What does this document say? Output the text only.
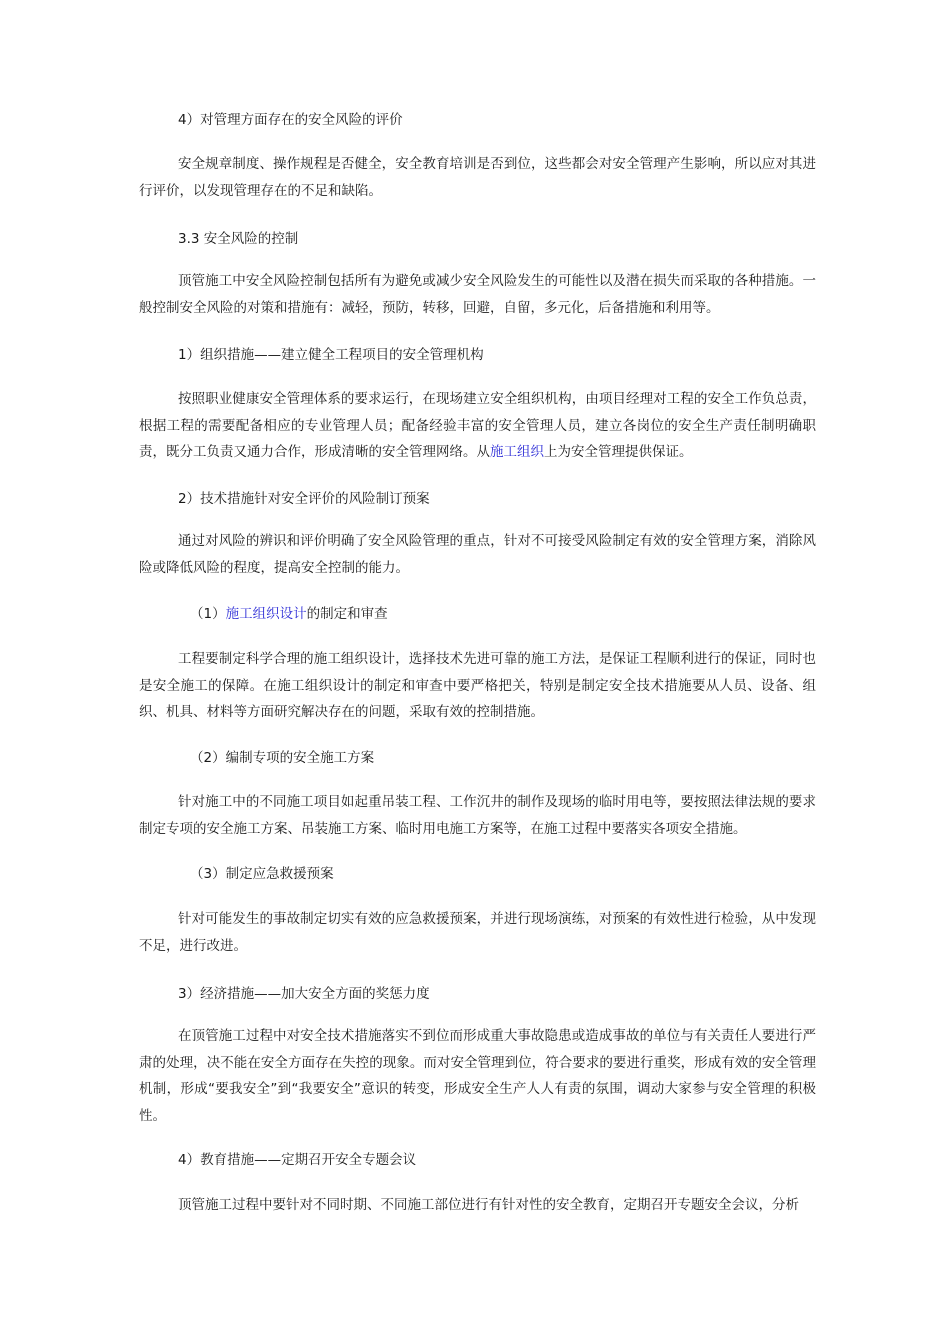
4）对管理方面存在的安全风险的评价

安全规章制度、操作规程是否健全，安全教育培训是否到位，这些都会对安全管理产生影响，所以应对其进行评价，以发现管理存在的不足和缺陷。

3.3 安全风险的控制

顶管施工中安全风险控制包括所有为避免或减少安全风险发生的可能性以及潜在损失而采取的各种措施。一般控制安全风险的对策和措施有：减轻，预防，转移，回避，自留，多元化，后备措施和利用等。

1）组织措施——建立健全工程项目的安全管理机构

按照职业健康安全管理体系的要求运行，在现场建立安全组织机构，由项目经理对工程的安全工作负总责，根据工程的需要配备相应的专业管理人员；配备经验丰富的安全管理人员，建立各岗位的安全生产责任制明确职责，既分工负责又通力合作，形成清晰的安全管理网络。从施工组织上为安全管理提供保证。

2）技术措施针对安全评价的风险制订预案

通过对风险的辨识和评价明确了安全风险管理的重点，针对不可接受风险制定有效的安全管理方案，消除风险或降低风险的程度，提高安全控制的能力。

（1）施工组织设计的制定和审查

工程要制定科学合理的施工组织设计，选择技术先进可靠的施工方法，是保证工程顺利进行的保证，同时也是安全施工的保障。在施工组织设计的制定和审查中要严格把关，特别是制定安全技术措施要从人员、设备、组织、机具、材料等方面研究解决存在的问题，采取有效的控制措施。

（2）编制专项的安全施工方案

针对施工中的不同施工项目如起重吊装工程、工作沉井的制作及现场的临时用电等，要按照法律法规的要求制定专项的安全施工方案、吊装施工方案、临时用电施工方案等，在施工过程中要落实各项安全措施。

（3）制定应急救援预案

针对可能发生的事故制定切实有效的应急救援预案，并进行现场演练，对预案的有效性进行检验，从中发现不足，进行改进。

3）经济措施——加大安全方面的奖惩力度

在顶管施工过程中对安全技术措施落实不到位而形成重大事故隐患或造成事故的单位与有关责任人要进行严肃的处理，决不能在安全方面存在失控的现象。而对安全管理到位，符合要求的要进行重奖，形成有效的安全管理机制，形成“要我安全”到“我要安全”意识的转变，形成安全生产人人有责的氛围，调动大家参与安全管理的积极性。

4）教育措施——定期召开安全专题会议

顶管施工过程中要针对不同时期、不同施工部位进行有针对性的安全教育，定期召开专题安全会议，分析
